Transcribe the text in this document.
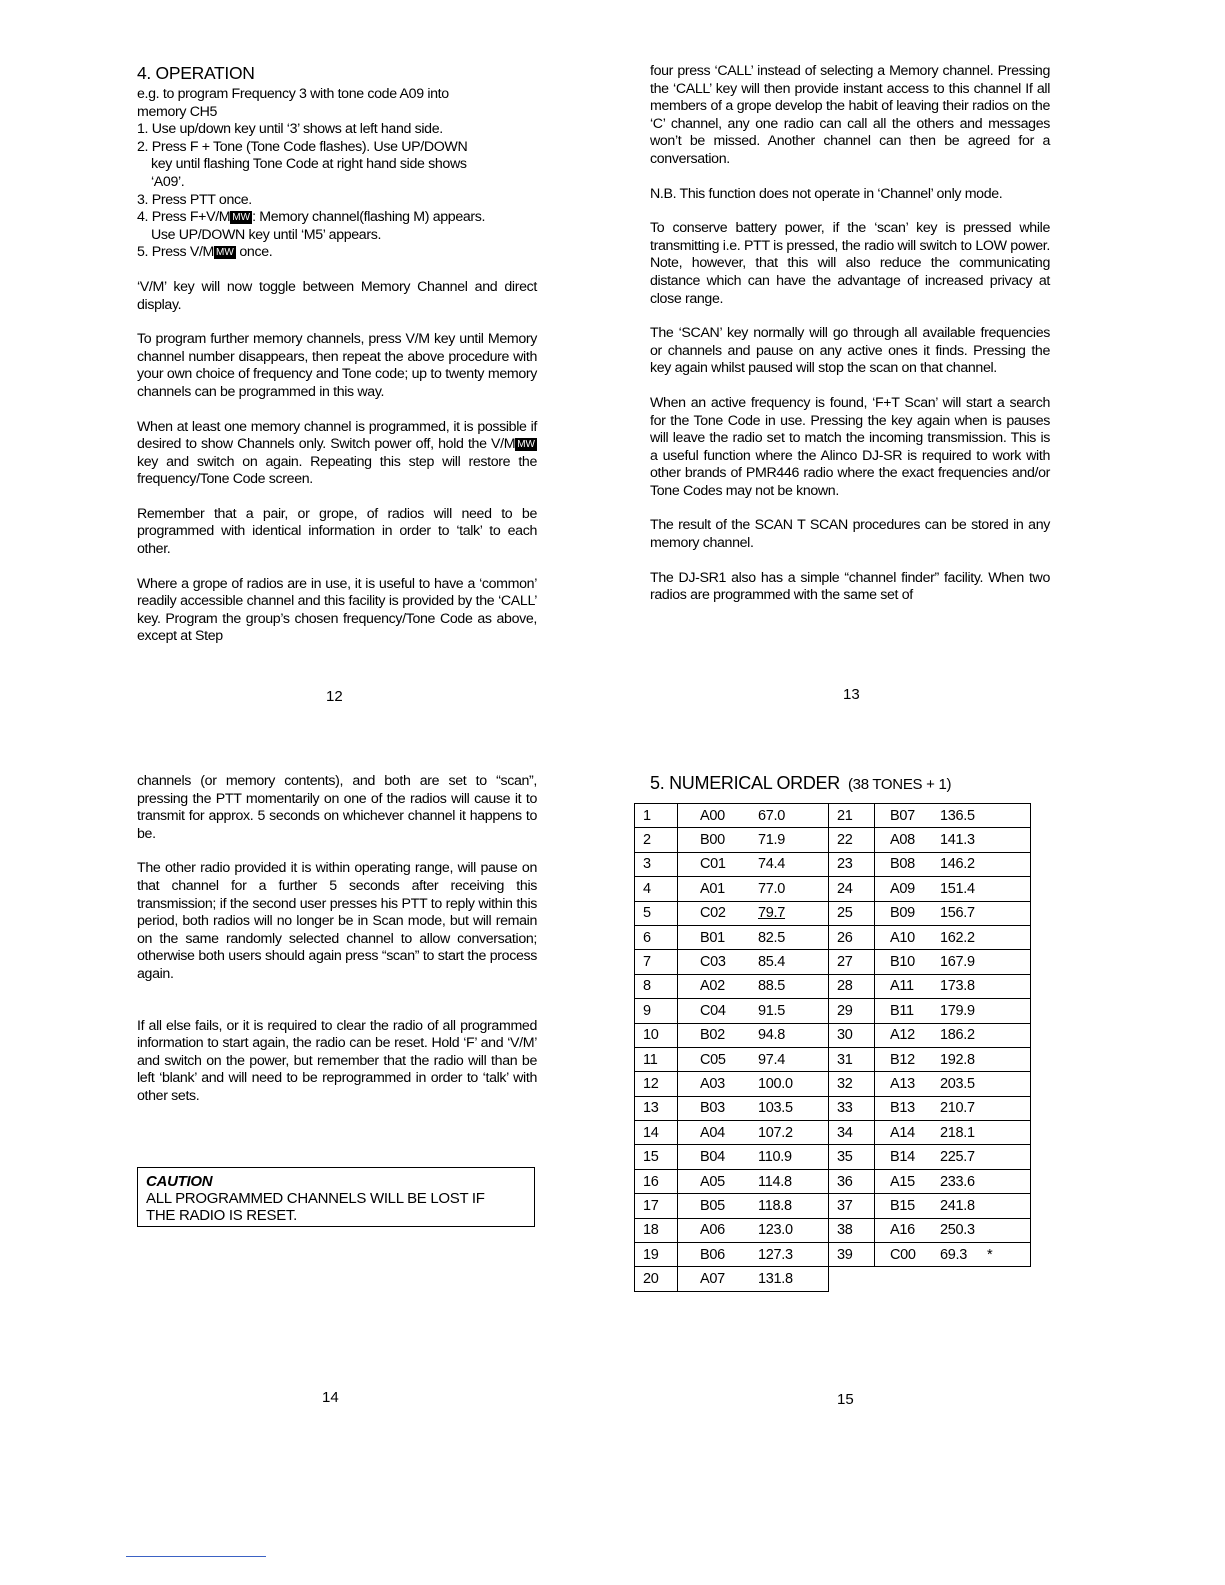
4. OPERATION

e.g. to program Frequency 3 with tone code A09 into

memory CH5

1. Use up/down key until ‘3’ shows at left hand side.
2. Press F + Tone (Tone Code flashes). Use UP/DOWN
key until flashing Tone Code at right hand side shows
‘A09’.
3. Press PTT once.
4. Press F+V/M MW : Memory channel(flashing M) appears.
Use UP/DOWN key until ‘M5’ appears.
5. Press V/M MW once.

‘V/M’ key will now toggle between Memory Channel and direct display.

To program further memory channels, press V/M key until Memory channel number disappears, then repeat the above procedure with your own choice of frequency and Tone code; up to twenty memory channels can be programmed in this way.

When at least one memory channel is programmed, it is possible if desired to show Channels only. Switch power off, hold the V/M MW key and switch on again. Repeating this step will restore the frequency/Tone Code screen.

Remember that a pair, or grope, of radios will need to be programmed with identical information in order to ‘talk’ to each other.

Where a grope of radios are in use, it is useful to have a ‘common’ readily accessible channel and this facility is provided by the ‘CALL’ key. Program the group’s chosen frequency/Tone Code as above, except at Step

12

four press ‘CALL’ instead of selecting a Memory channel. Pressing the ‘CALL’ key will then provide instant access to this channel If all members of a grope develop the habit of leaving their radios on the ‘C’ channel, any one radio can call all the others and messages won’t be missed. Another channel can then be agreed for a conversation.

N.B. This function does not operate in ‘Channel’ only mode.

To conserve battery power, if the ‘scan’ key is pressed while transmitting i.e. PTT is pressed, the radio will switch to LOW power. Note, however, that this will also reduce the communicating distance which can have the advantage of increased privacy at close range.

The ‘SCAN’ key normally will go through all available frequencies or channels and pause on any active ones it finds. Pressing the key again whilst paused will stop the scan on that channel.

When an active frequency is found, ‘F+T Scan’ will start a search for the Tone Code in use. Pressing the key again when is pauses will leave the radio set to match the incoming transmission. This is a useful function where the Alinco DJ-SR is required to work with other brands of PMR446 radio where the exact frequencies and/or Tone Codes may not be known.

The result of the SCAN T SCAN procedures can be stored in any memory channel.

The DJ-SR1 also has a simple “channel finder” facility. When two radios are programmed with the same set of

13

channels (or memory contents), and both are set to “scan”, pressing the PTT momentarily on one of the radios will cause it to transmit for approx. 5 seconds on whichever channel it happens to be.

The other radio provided it is within operating range, will pause on that channel for a further 5 seconds after receiving this transmission; if the second user presses his PTT to reply within this period, both radios will no longer be in Scan mode, but will remain on the same randomly selected channel to allow conversation; otherwise both users should again press “scan” to start the process again.

If all else fails, or it is required to clear the radio of all programmed information to start again, the radio can be reset. Hold ‘F’ and ‘V/M’ and switch on the power, but remember that the radio will than be left ‘blank’ and will need to be reprogrammed in order to ‘talk’ with other sets.

CAUTION
ALL PROGRAMMED CHANNELS WILL BE LOST IF
THE RADIO IS RESET.
14
5. NUMERICAL ORDER (38 TONES + 1)
1	A00	67.0	21	B07	136.5
2	B00	71.9	22	A08	141.3
3	C01	74.4	23	B08	146.2
4	A01	77.0	24	A09	151.4
5	C02	79.7	25	B09	156.7
6	B01	82.5	26	A10	162.2
7	C03	85.4	27	B10	167.9
8	A02	88.5	28	A11	173.8
9	C04	91.5	29	B11	179.9
10	B02	94.8	30	A12	186.2
11	C05	97.4	31	B12	192.8
12	A03	100.0	32	A13	203.5
13	B03	103.5	33	B13	210.7
14	A04	107.2	34	A14	218.1
15	B04	110.9	35	B14	225.7
16	A05	114.8	36	A15	233.6
17	B05	118.8	37	B15	241.8
18	A06	123.0	38	A16	250.3
19	B06	127.3	39	C00	69.3 *
20	A07	131.8			
15
